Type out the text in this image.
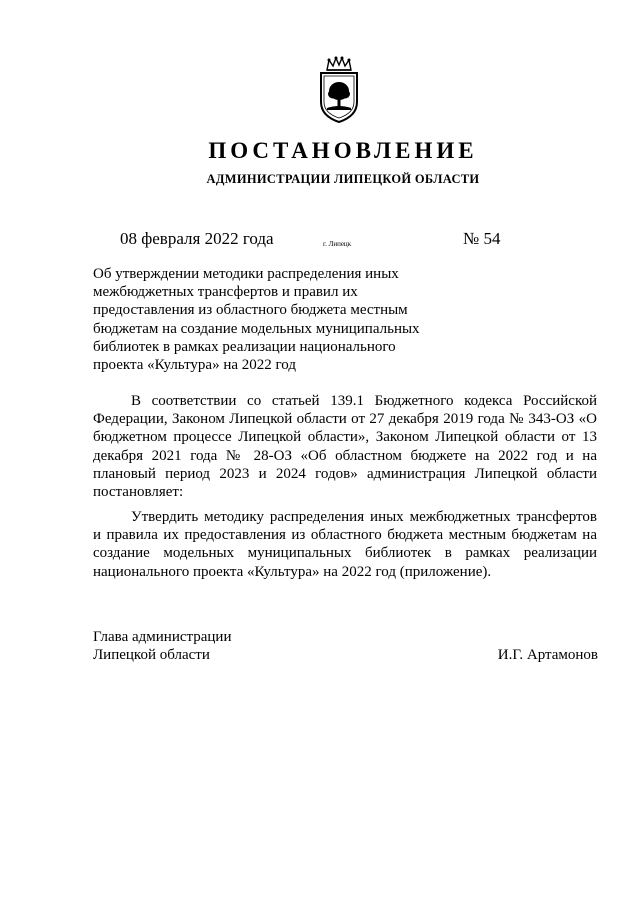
ПОСТАНОВЛЕНИЕ
АДМИНИСТРАЦИИ ЛИПЕЦКОЙ ОБЛАСТИ
08 февраля 2022 года	г. Липецк	№ 54
Об утверждении методики распределения иных
межбюджетных трансфертов и правил их
предоставления из областного бюджета местным
бюджетам на создание модельных муниципальных
библиотек в рамках реализации национального
проекта «Культура» на 2022 год
В соответствии со статьей 139.1 Бюджетного кодекса Российской Федерации, Законом Липецкой области от 27 декабря 2019 года № 343-ОЗ «О бюджетном процессе Липецкой области», Законом Липецкой области от 13 декабря 2021 года № 28-ОЗ «Об областном бюджете на 2022 год и на плановый период 2023 и 2024 годов» администрация Липецкой области постановляет:
Утвердить методику распределения иных межбюджетных трансфертов и правила их предоставления из областного бюджета местным бюджетам на создание модельных муниципальных библиотек в рамках реализации национального проекта «Культура» на 2022 год (приложение).
Глава администрации
Липецкой области	И.Г. Артамонов
